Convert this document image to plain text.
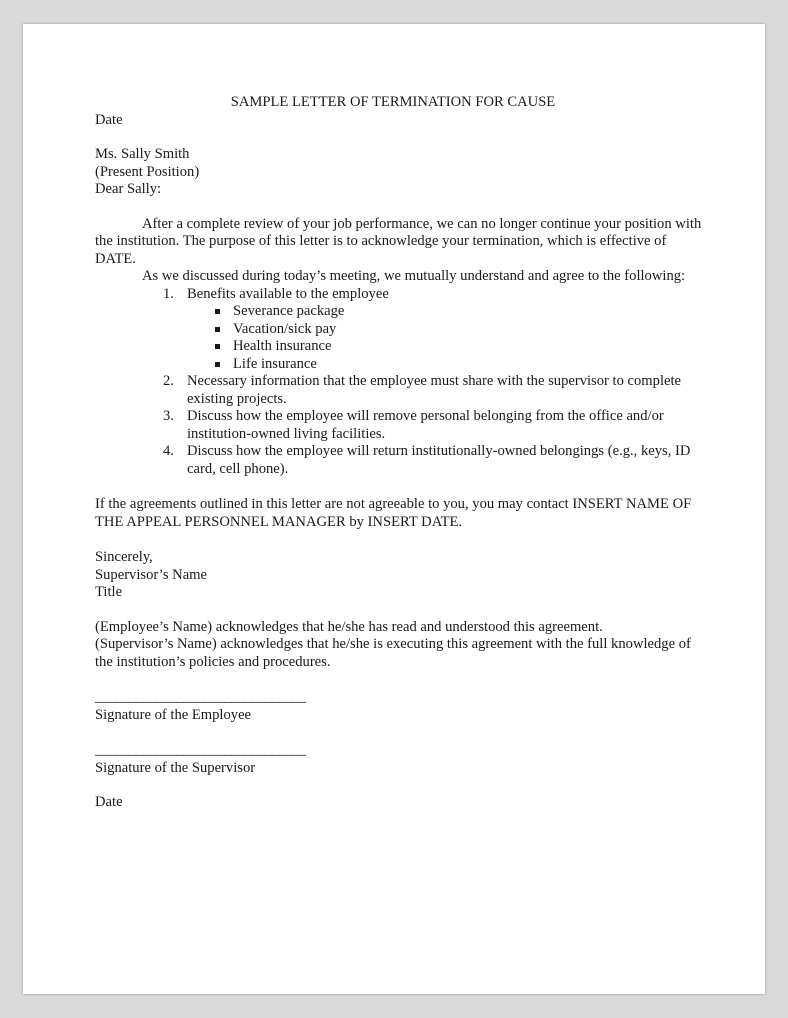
SAMPLE LETTER OF TERMINATION FOR CAUSE

Date

Ms. Sally Smith

(Present Position)

Dear Sally:

After a complete review of your job performance, we can no longer continue your position with the institution. The purpose of this letter is to acknowledge your termination, which is effective of DATE.

As we discussed during today’s meeting, we mutually understand and agree to the following:

1. Benefits available to the employee
Severance package
Vacation/sick pay
Health insurance
Life insurance
2. Necessary information that the employee must share with the supervisor to complete existing projects.
3. Discuss how the employee will remove personal belonging from the office and/or institution-owned living facilities.
4. Discuss how the employee will return institutionally-owned belongings (e.g., keys, ID card, cell phone).

If the agreements outlined in this letter are not agreeable to you, you may contact INSERT NAME OF THE APPEAL PERSONNEL MANAGER by INSERT DATE.

Sincerely,

Supervisor’s Name

Title

(Employee’s Name) acknowledges that he/she has read and understood this agreement.

(Supervisor’s Name) acknowledges that he/she is executing this agreement with the full knowledge of the institution’s policies and procedures.

_______________________________

Signature of the Employee

_______________________________

Signature of the Supervisor

Date
